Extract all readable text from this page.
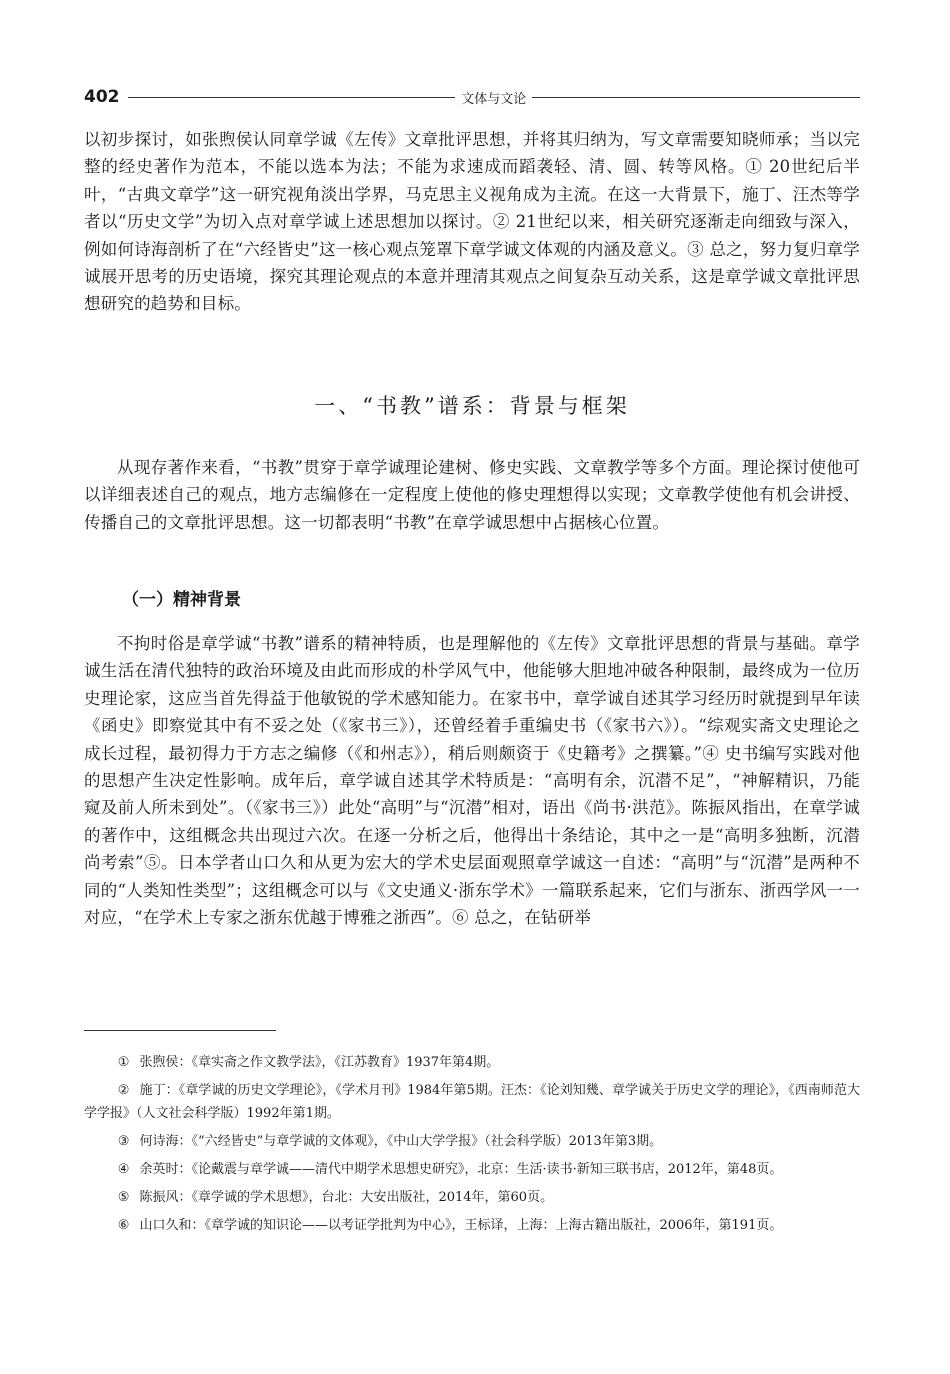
402	文体与文论

以初步探讨，如张煦侯认同章学诚《左传》文章批评思想，并将其归纳为，写文章需要知晓师承；当以完整的经史著作为范本，不能以选本为法；不能为求速成而蹈袭轻、清、圆、转等风格。① 20世纪后半叶，“古典文章学”这一研究视角淡出学界，马克思主义视角成为主流。在这一大背景下，施丁、汪杰等学者以“历史文学”为切入点对章学诚上述思想加以探讨。② 21世纪以来，相关研究逐渐走向细致与深入，例如何诗海剖析了在“六经皆史”这一核心观点笼罩下章学诚文体观的内涵及意义。③ 总之，努力复归章学诚展开思考的历史语境，探究其理论观点的本意并理清其观点之间复杂互动关系，这是章学诚文章批评思想研究的趋势和目标。

一、“书教”谱系：背景与框架

从现存著作来看，“书教”贯穿于章学诚理论建树、修史实践、文章教学等多个方面。理论探讨使他可以详细表述自己的观点，地方志编修在一定程度上使他的修史理想得以实现；文章教学使他有机会讲授、传播自己的文章批评思想。这一切都表明“书教”在章学诚思想中占据核心位置。

（一）精神背景

不拘时俗是章学诚“书教”谱系的精神特质，也是理解他的《左传》文章批评思想的背景与基础。章学诚生活在清代独特的政治环境及由此而形成的朴学风气中，他能够大胆地冲破各种限制，最终成为一位历史理论家，这应当首先得益于他敏锐的学术感知能力。在家书中，章学诚自述其学习经历时就提到早年读《函史》即察觉其中有不妥之处（《家书三》），还曾经着手重编史书（《家书六》）。“综观实斋文史理论之成长过程，最初得力于方志之编修（《和州志》），稍后则颇资于《史籍考》之撰纂。”④ 史书编写实践对他的思想产生决定性影响。成年后，章学诚自述其学术特质是：“高明有余，沉潜不足”，“神解精识，乃能窥及前人所未到处”。（《家书三》）此处“高明”与“沉潜”相对，语出《尚书·洪范》。陈振风指出，在章学诚的著作中，这组概念共出现过六次。在逐一分析之后，他得出十条结论，其中之一是“高明多独断，沉潜尚考索”⑤。日本学者山口久和从更为宏大的学术史层面观照章学诚这一自述：“高明”与“沉潜”是两种不同的“人类知性类型”；这组概念可以与《文史通义·浙东学术》一篇联系起来，它们与浙东、浙西学风一一对应，“在学术上专家之浙东优越于博雅之浙西”。⑥ 总之，在钻研举

① 张煦侯：《章实斋之作文教学法》，《江苏教育》1937年第4期。

② 施丁：《章学诚的历史文学理论》，《学术月刊》1984年第5期。汪杰：《论刘知幾、章学诚关于历史文学的理论》，《西南师范大学学报》（人文社会科学版）1992年第1期。

③ 何诗海：《“六经皆史”与章学诚的文体观》，《中山大学学报》（社会科学版）2013年第3期。

④ 余英时：《论戴震与章学诚——清代中期学术思想史研究》，北京：生活·读书·新知三联书店，2012年，第48页。

⑤ 陈振风：《章学诚的学术思想》，台北：大安出版社，2014年，第60页。

⑥ 山口久和：《章学诚的知识论——以考证学批判为中心》，王标译，上海：上海古籍出版社，2006年，第191页。
